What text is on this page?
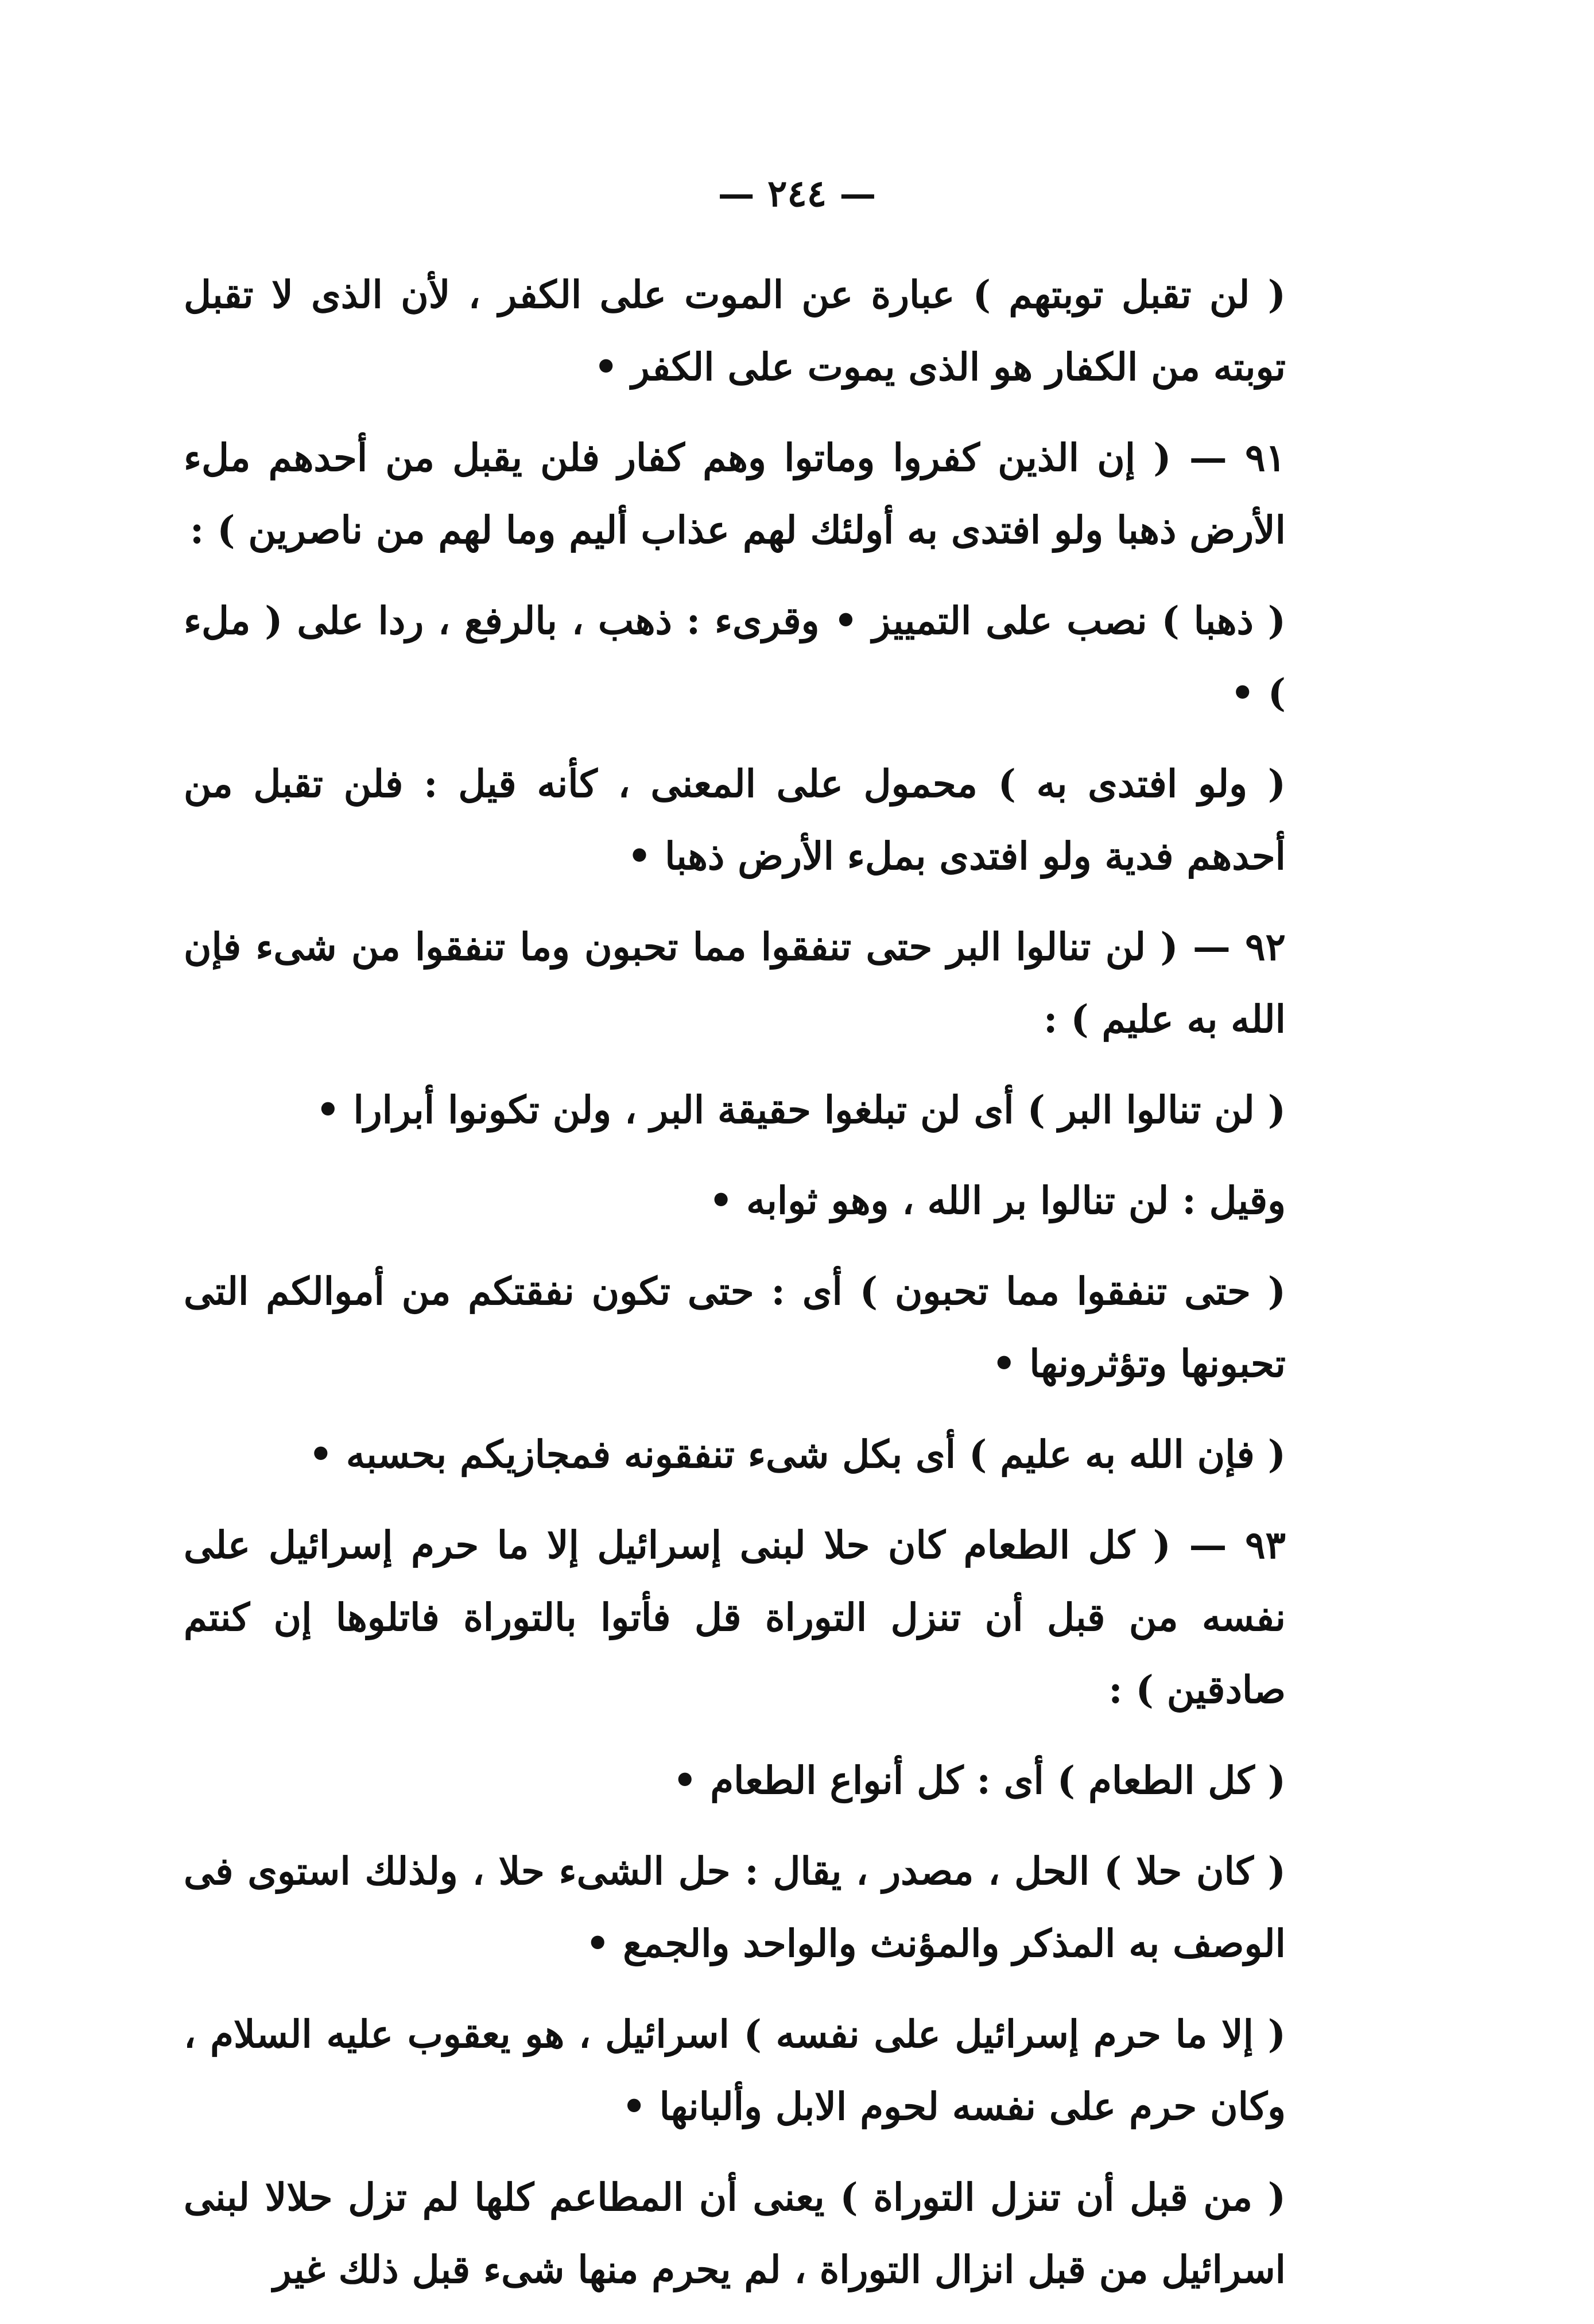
— ٢٤٤ —

( لن تقبل توبتهم ) عبارة عن الموت على الكفر ، لأن الذى لا تقبل توبته من الكفار هو الذى يموت على الكفر •

٩١ — ( إن الذين كفروا وماتوا وهم كفار فلن يقبل من أحدهم ملء الأرض ذهبا ولو افتدى به أولئك لهم عذاب أليم وما لهم من ناصرين ) :

( ذهبا ) نصب على التمييز • وقرىء : ذهب ، بالرفع ، ردا على ( ملء ) •

( ولو افتدى به ) محمول على المعنى ، كأنه قيل : فلن تقبل من أحدهم فدية ولو افتدى بملء الأرض ذهبا •

٩٢ — ( لن تنالوا البر حتى تنفقوا مما تحبون وما تنفقوا من شىء فإن الله به عليم ) :

( لن تنالوا البر ) أى لن تبلغوا حقيقة البر ، ولن تكونوا أبرارا •

وقيل : لن تنالوا بر الله ، وهو ثوابه •

( حتى تنفقوا مما تحبون ) أى : حتى تكون نفقتكم من أموالكم التى تحبونها وتؤثرونها •

( فإن الله به عليم ) أى بكل شىء تنفقونه فمجازيكم بحسبه •

٩٣ — ( كل الطعام كان حلا لبنى إسرائيل إلا ما حرم إسرائيل على نفسه من قبل أن تنزل التوراة قل فأتوا بالتوراة فاتلوها إن كنتم صادقين ) :

( كل الطعام ) أى : كل أنواع الطعام •

( كان حلا ) الحل ، مصدر ، يقال : حل الشىء حلا ، ولذلك استوى فى الوصف به المذكر والمؤنث والواحد والجمع •

( إلا ما حرم إسرائيل على نفسه ) اسرائيل ، هو يعقوب عليه السلام ، وكان حرم على نفسه لحوم الابل وألبانها •

( من قبل أن تنزل التوراة ) يعنى أن المطاعم كلها لم تزل حلالا لبنى اسرائيل من قبل انزال التوراة ، لم يحرم منها شىء قبل ذلك غير
